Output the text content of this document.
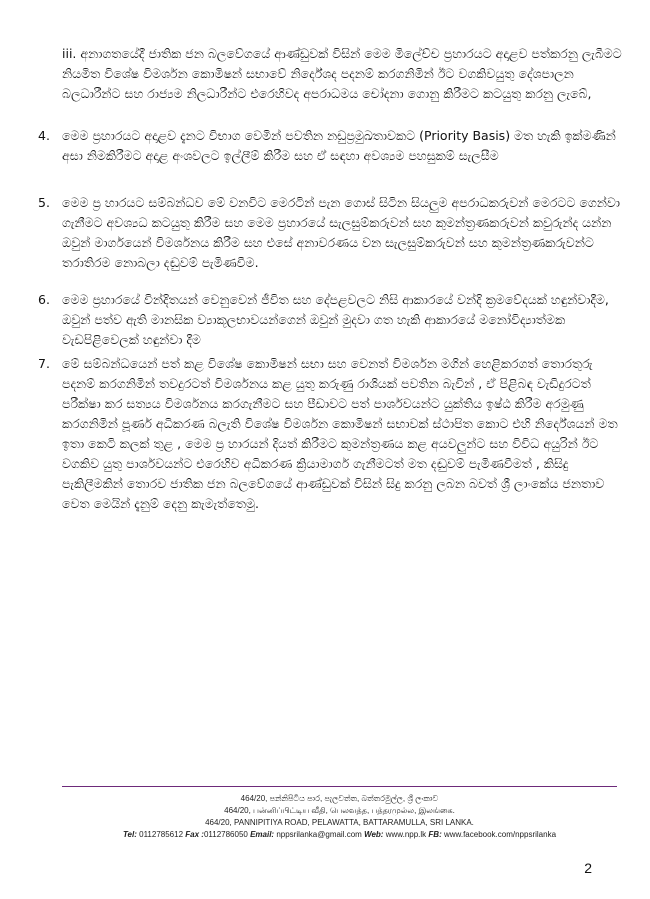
iii. අනාගතයේදී ජාතික ජන බලවේගයේ ආණ්ඩුවක් විසින් මෙම මිලේච්ච ප්‍රහාරයට අදාළව පත්කරනු ලැබීමට නියමිත විශේෂ විමර්ශන කොමිෂන් සභාවේ නිර්දේශද පදනම් කරගනිමින් ඊට වගකිවයුතු දේශපාලන බලධාරීන්ට සහ රාජ්‍යම නිලධාරීන්ට එරෙහිවද අපරාධමය චෝදනා ගොනු කිරීමට කටයුතු කරනු ලැබේ,
4. මෙම ප්‍රහාරයට අදාළව දැනට විභාග වෙමින් පවතින නඩුප්‍රමුඛතාවකට (Priority Basis) මත හැකි ඉක්මණින් අසා නිමකිරීමට අදාළ අංශවලට ඉල්ලීම් කිරීම සහ ඒ සඳහා අවශ්‍යම පහසුකම් සැලසීම
5. මෙම ප්‍ර හාරයට සම්බන්ධව මේ වනවිට මෙරටින් පැන ගොස් සිටින සියලුම අපරාධකරුවන් මෙරටට ගෙන්වා ගැනීමට අවශ්‍යධ කටයුතු කිරීම සහ මෙම ප්‍රහාරයේ සැලසුම්කරුවන් සහ කුමන්ත්‍රණකරුවන් කවුරුන්ද යන්න ඔවුන් මාර්ගයෙන් විමර්ශනය කිරීම සහ එසේ අනාවරණය වන සැලසුම්කරුවන් සහ කුමන්ත්‍රණකරුවන්ට තරාතිරම නොබලා දඬුවම් පැමිණවීම.
6. මෙම ප්‍රහාරයේ වින්දිතයන් වෙනුවෙන් ජීවිත සහ දේපළවලට නිසි ආකාරයේ වන්දි ක්‍රමවේදයක් හඳුන්වාදීම, ඔවුන් පත්ව ඇති මානසික ව්‍යාකූලභාවයන්ගෙන් ඔවුන් මුදවා ගත හැකි ආකාරයේ මනෝවිද්‍යාත්මක වැඩපිළිවෙලක් හඳුන්වා දීම
7. මේ සම්බන්ධයෙන් පත් කළ විශේෂ කොමිෂන් සභා සහ වෙනත් විමර්ශන මගින් හෙළිකරගත් තොරතුරු පදනම් කරගනිමින් තවදුරටත් විමර්ශනය කළ යුතු කරුණු රාශියක් පවතින බැවින් , ඒ පිළිබඳ වැඩිදුරටත් පරීක්ෂා කර සත්‍යය විමර්ශනය කරගැනීමට සහ පීඩාවට පත් පාර්ශවයන්ට යුක්තිය ඉෂ්ඨ කිරීම අරමුණු කරගනිමින් පූර්ණ අධිකරණ බලැති විශේෂ විමර්ශන කොමිෂන් සභාවක් ස්ථාපිත කොට එහි නිර්දේශයන් මත ඉතා කෙටි කලක් තුළ , මෙම ප්‍ර හාරයන් දියත් කිරීමට කුමන්ත්‍රණය කළ අයවලුන්ට සහ විවිධ අයුරින් ඊට වගකිව යුතු පාර්ශවයන්ට එරෙහිව අධිකරණ ක්‍රියාමාර්ග ගැනීමටත් මත දඬුවම් පැමිණවීමත් , කිසිදු පැකිලීමකින් තොරව ජාතික ජන බලවේගයේ ආණ්ඩුවක් විසින් සිදු කරනු ලබන බවත් ශ්‍රී ලාංකේය ජනතාව වෙත මෙයින් දැනුම් දෙනු කැමැත්තෙමු.
464/20, පන්නිපිටිය පාර, පැලවත්ත, බත්තරමුල්ල, ශ්‍රී ලංකාව
464/20, பன்னிப்பிட்டிய வீதி, பெலவத்த, பத்தரமுல்ல, இலங்கை.
464/20, PANNIPITIYA ROAD, PELAWATTA, BATTARAMULLA, SRI LANKA.
Tel: 0112785612 Fax :0112786050 Email: nppsrilanka@gmail.com Web: www.npp.lk FB: www.facebook.com/nppsrilanka
2
